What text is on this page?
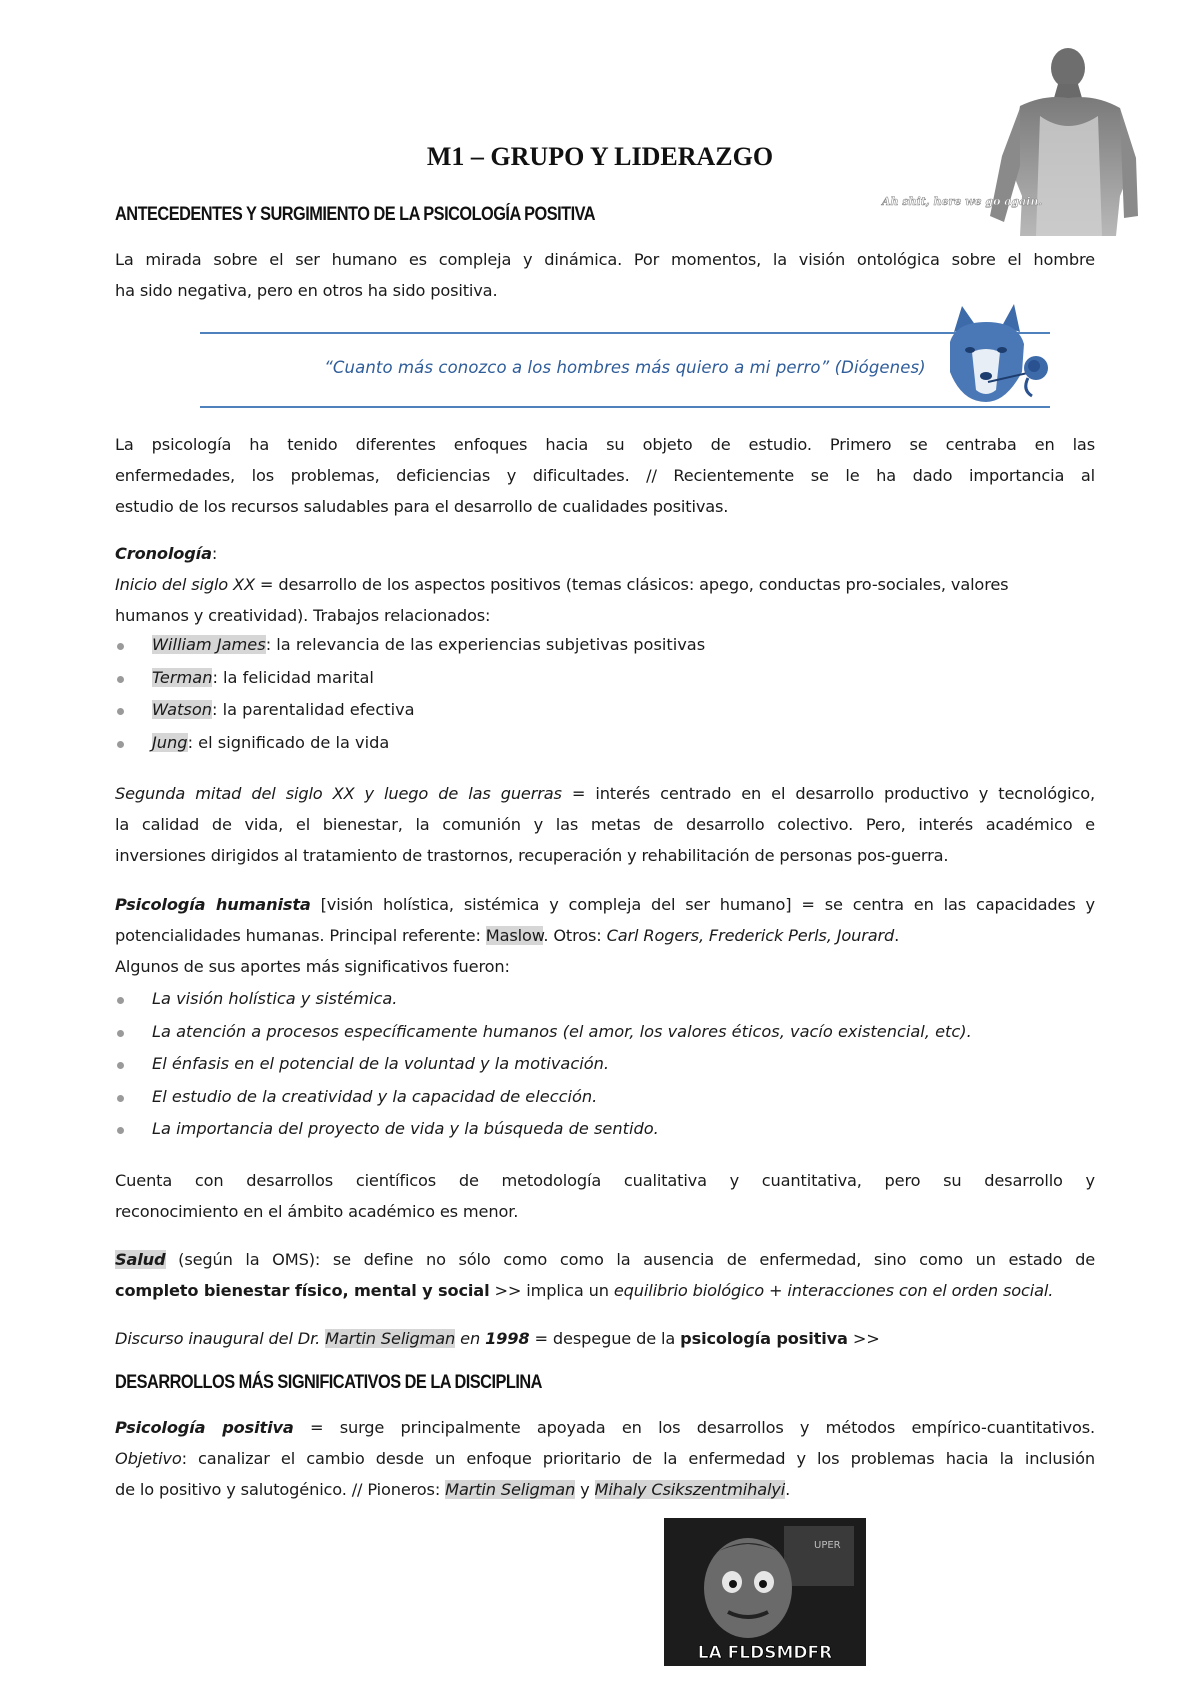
Ah shit, here we go again.
M1 – GRUPO Y LIDERAZGO
ANTECEDENTES Y SURGIMIENTO DE LA PSICOLOGÍA POSITIVA
La mirada sobre el ser humano es compleja y dinámica. Por momentos, la visión ontológica sobre el hombre
ha sido negativa, pero en otros ha sido positiva.
“Cuanto más conozco a los hombres más quiero a mi perro” (Diógenes)
La psicología ha tenido diferentes enfoques hacia su objeto de estudio. Primero se centraba en las
enfermedades, los problemas, deficiencias y dificultades. // Recientemente se le ha dado importancia al
estudio de los recursos saludables para el desarrollo de cualidades positivas.
Cronología:
Inicio del siglo XX = desarrollo de los aspectos positivos (temas clásicos: apego, conductas pro-sociales, valores
humanos y creatividad). Trabajos relacionados:
William James: la relevancia de las experiencias subjetivas positivas
Terman: la felicidad marital
Watson: la parentalidad efectiva
Jung: el significado de la vida
Segunda mitad del siglo XX y luego de las guerras = interés centrado en el desarrollo productivo y tecnológico,
la calidad de vida, el bienestar, la comunión y las metas de desarrollo colectivo. Pero, interés académico e
inversiones dirigidos al tratamiento de trastornos, recuperación y rehabilitación de personas pos-guerra.
Psicología humanista [visión holística, sistémica y compleja del ser humano] = se centra en las capacidades y
potencialidades humanas. Principal referente: Maslow. Otros: Carl Rogers, Frederick Perls, Jourard.
Algunos de sus aportes más significativos fueron:
La visión holística y sistémica.
La atención a procesos específicamente humanos (el amor, los valores éticos, vacío existencial, etc).
El énfasis en el potencial de la voluntad y la motivación.
El estudio de la creatividad y la capacidad de elección.
La importancia del proyecto de vida y la búsqueda de sentido.
Cuenta con desarrollos científicos de metodología cualitativa y cuantitativa, pero su desarrollo y
reconocimiento en el ámbito académico es menor.
Salud (según la OMS): se define no sólo como como la ausencia de enfermedad, sino como un estado de
completo bienestar físico, mental y social >> implica un equilibrio biológico + interacciones con el orden social.
Discurso inaugural del Dr. Martin Seligman en 1998 = despegue de la psicología positiva >>
DESARROLLOS MÁS SIGNIFICATIVOS DE LA DISCIPLINA
Psicología positiva = surge principalmente apoyada en los desarrollos y métodos empírico-cuantitativos.
Objetivo: canalizar el cambio desde un enfoque prioritario de la enfermedad y los problemas hacia la inclusión
de lo positivo y salutogénico. // Pioneros: Martin Seligman y Mihaly Csikszentmihalyi.
UPER
LA FLDSMDFR
